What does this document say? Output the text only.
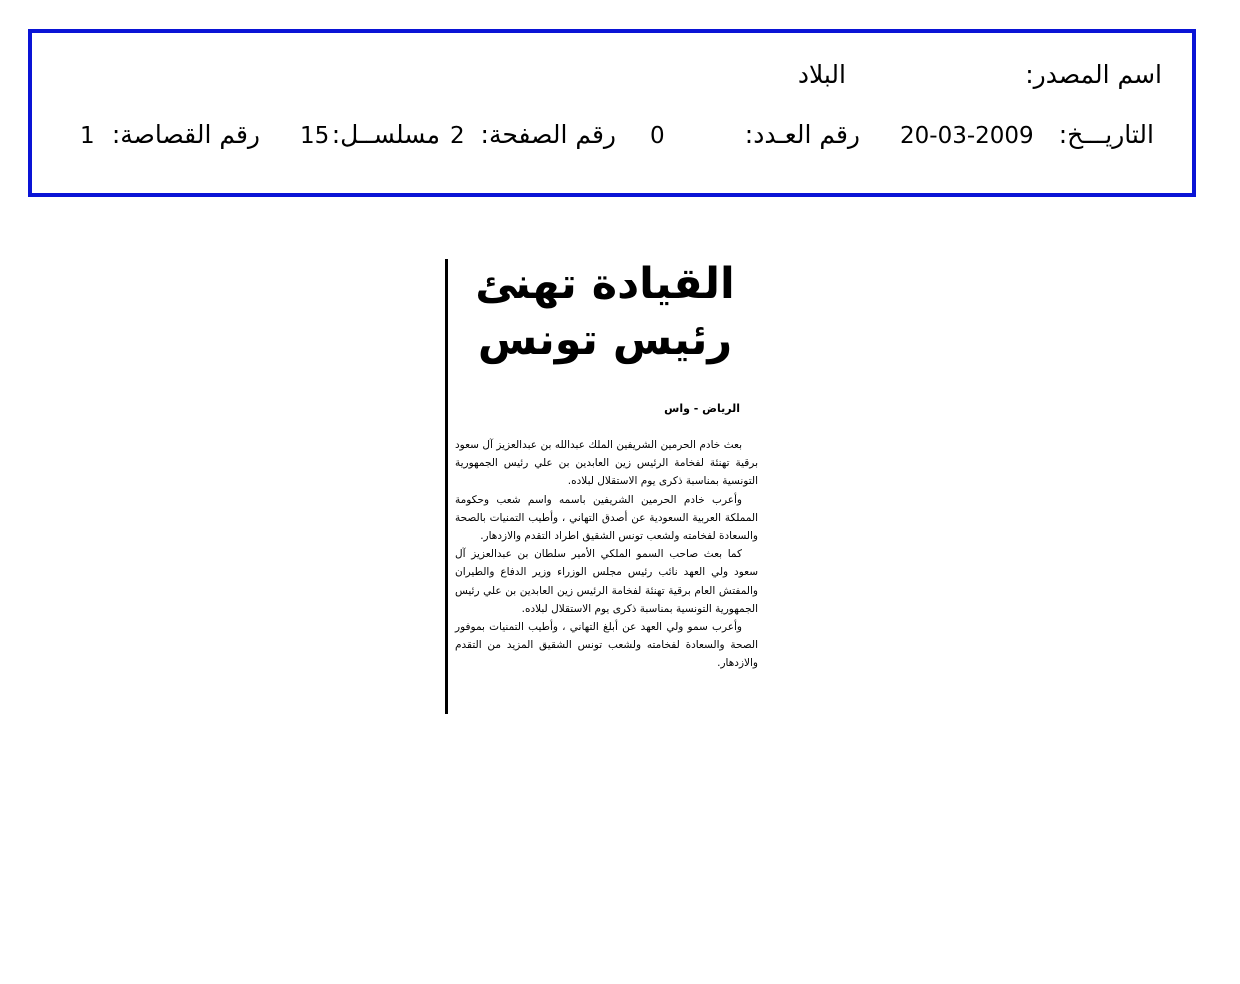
اسم المصدر:
البلاد
التاريـــخ:
20-03-2009
رقم العـدد:
0
رقم الصفحة:
2
مسلســل:
15
رقم القصاصة:
1
القيادة تهنئ
رئيس تونس
الرياض - واس

بعث خادم الحرمين الشريفين الملك عبدالله بن عبدالعزيز آل سعود برقية تهنئة لفخامة الرئيس زين العابدين بن علي رئيس الجمهورية التونسية بمناسبة ذكرى يوم الاستقلال لبلاده.

وأعرب خادم الحرمين الشريفين باسمه واسم شعب وحكومة المملكة العربية السعودية عن أصدق التهاني ، وأطيب التمنيات بالصحة والسعادة لفخامته ولشعب تونس الشقيق اطراد التقدم والازدهار.

كما بعث صاحب السمو الملكي الأمير سلطان بن عبدالعزيز آل سعود ولي العهد نائب رئيس مجلس الوزراء وزير الدفاع والطيران والمفتش العام برقية تهنئة لفخامة الرئيس زين العابدين بن علي رئيس الجمهورية التونسية بمناسبة ذكرى يوم الاستقلال لبلاده.

وأعرب سمو ولي العهد عن أبلغ التهاني ، وأطيب التمنيات بموفور الصحة والسعادة لفخامته ولشعب تونس الشقيق المزيد من التقدم والازدهار.
